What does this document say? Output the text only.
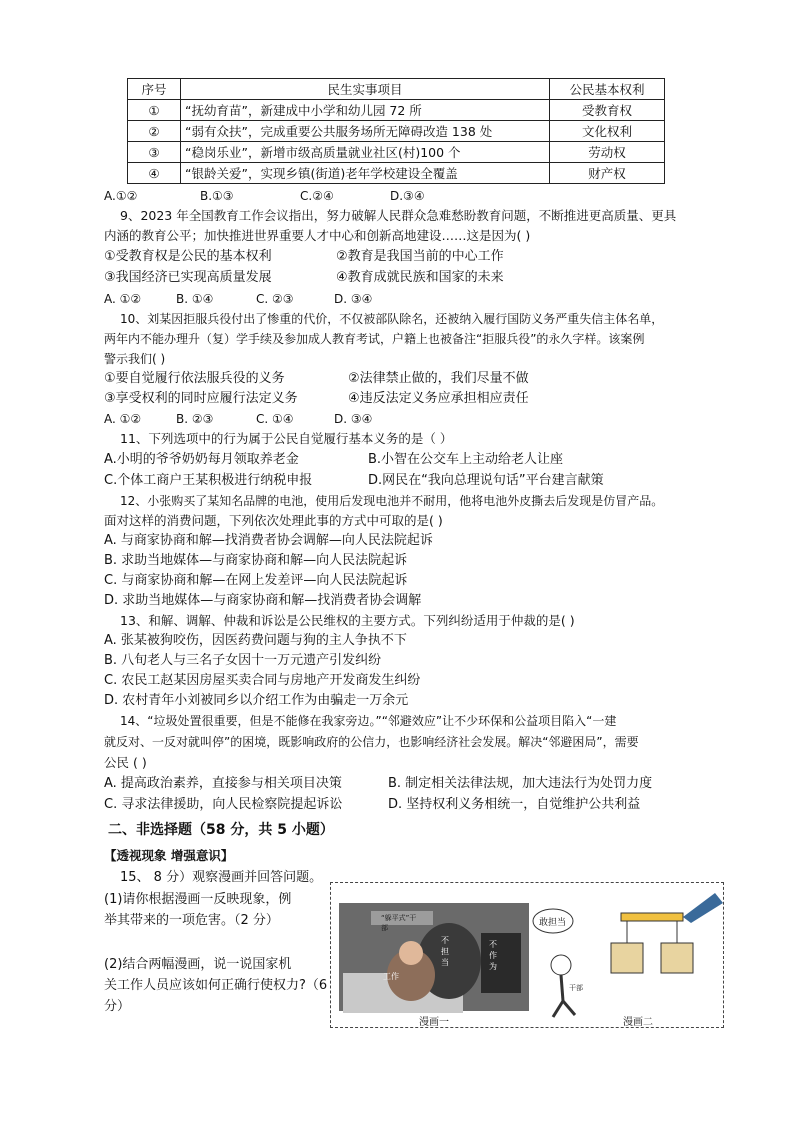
序号	民生实事项目	公民基本权利
①	“抚幼育苗”，新建成中小学和幼儿园 72 所	受教育权
②	“弱有众扶”，完成重要公共服务场所无障碍改造 138 处	文化权利
③	“稳岗乐业”，新增市级高质量就业社区(村)100 个	劳动权
④	“银龄关爱”，实现乡镇(街道)老年学校建设全覆盖	财产权
A.①②	B.①③	C.②④	D.③④
9、2023 年全国教育工作会议指出，努力破解人民群众急难愁盼教育问题，不断推进更高质量、更具
内涵的教育公平；加快推进世界重要人才中心和创新高地建设……这是因为( )
①受教育权是公民的基本权利	②教育是我国当前的中心工作
③我国经济已实现高质量发展	④教育成就民族和国家的未来
A. ①②	B. ①④	C. ②③	D. ③④
10、刘某因拒服兵役付出了惨重的代价，不仅被部队除名，还被纳入履行国防义务严重失信主体名单，
两年内不能办理升（复）学手续及参加成人教育考试，户籍上也被备注“拒服兵役”的永久字样。该案例
警示我们( )
①要自觉履行依法服兵役的义务	②法律禁止做的，我们尽量不做
③享受权利的同时应履行法定义务	④违反法定义务应承担相应责任
A. ①②	B. ②③	C. ①④	D. ③④
11、下列选项中的行为属于公民自觉履行基本义务的是（ ）
A.小明的爷爷奶奶每月领取养老金	B.小智在公交车上主动给老人让座
C.个体工商户王某积极进行纳税申报	D.网民在“我向总理说句话”平台建言献策
12、小张购买了某知名品牌的电池，使用后发现电池并不耐用，他将电池外皮撕去后发现是仿冒产品。
面对这样的消费问题，下列依次处理此事的方式中可取的是( )
A. 与商家协商和解—找消费者协会调解—向人民法院起诉
B. 求助当地媒体—与商家协商和解—向人民法院起诉
C. 与商家协商和解—在网上发差评—向人民法院起诉
D. 求助当地媒体—与商家协商和解—找消费者协会调解
13、和解、调解、仲裁和诉讼是公民维权的主要方式。下列纠纷适用于仲裁的是( )
A. 张某被狗咬伤，因医药费问题与狗的主人争执不下
B. 八旬老人与三名子女因十一万元遗产引发纠纷
C. 农民工赵某因房屋买卖合同与房地产开发商发生纠纷
D. 农村青年小刘被同乡以介绍工作为由骗走一万余元
14、“垃圾处置很重要，但是不能修在我家旁边。”“邻避效应”让不少环保和公益项目陷入“一建
就反对、一反对就叫停”的困境，既影响政府的公信力，也影响经济社会发展。解决“邻避困局”，需要
公民 ( )
A. 提高政治素养，直接参与相关项目决策	B. 制定相关法律法规，加大违法行为处罚力度
C. 寻求法律援助，向人民检察院提起诉讼	D. 坚持权利义务相统一，自觉维护公共利益
二、非选择题（58 分，共 5 小题）
【透视现象 增强意识】
15、 8 分）观察漫画并回答问题。
(1)请你根据漫画一反映现象，例
举其带来的一项危害。（2 分）
(2)结合两幅漫画，说一说国家机
关工作人员应该如何正确行使权力?（6
分）
工作
“躲平式”干部
不作为
不担当
敢担当
干部
漫画一	漫画二
